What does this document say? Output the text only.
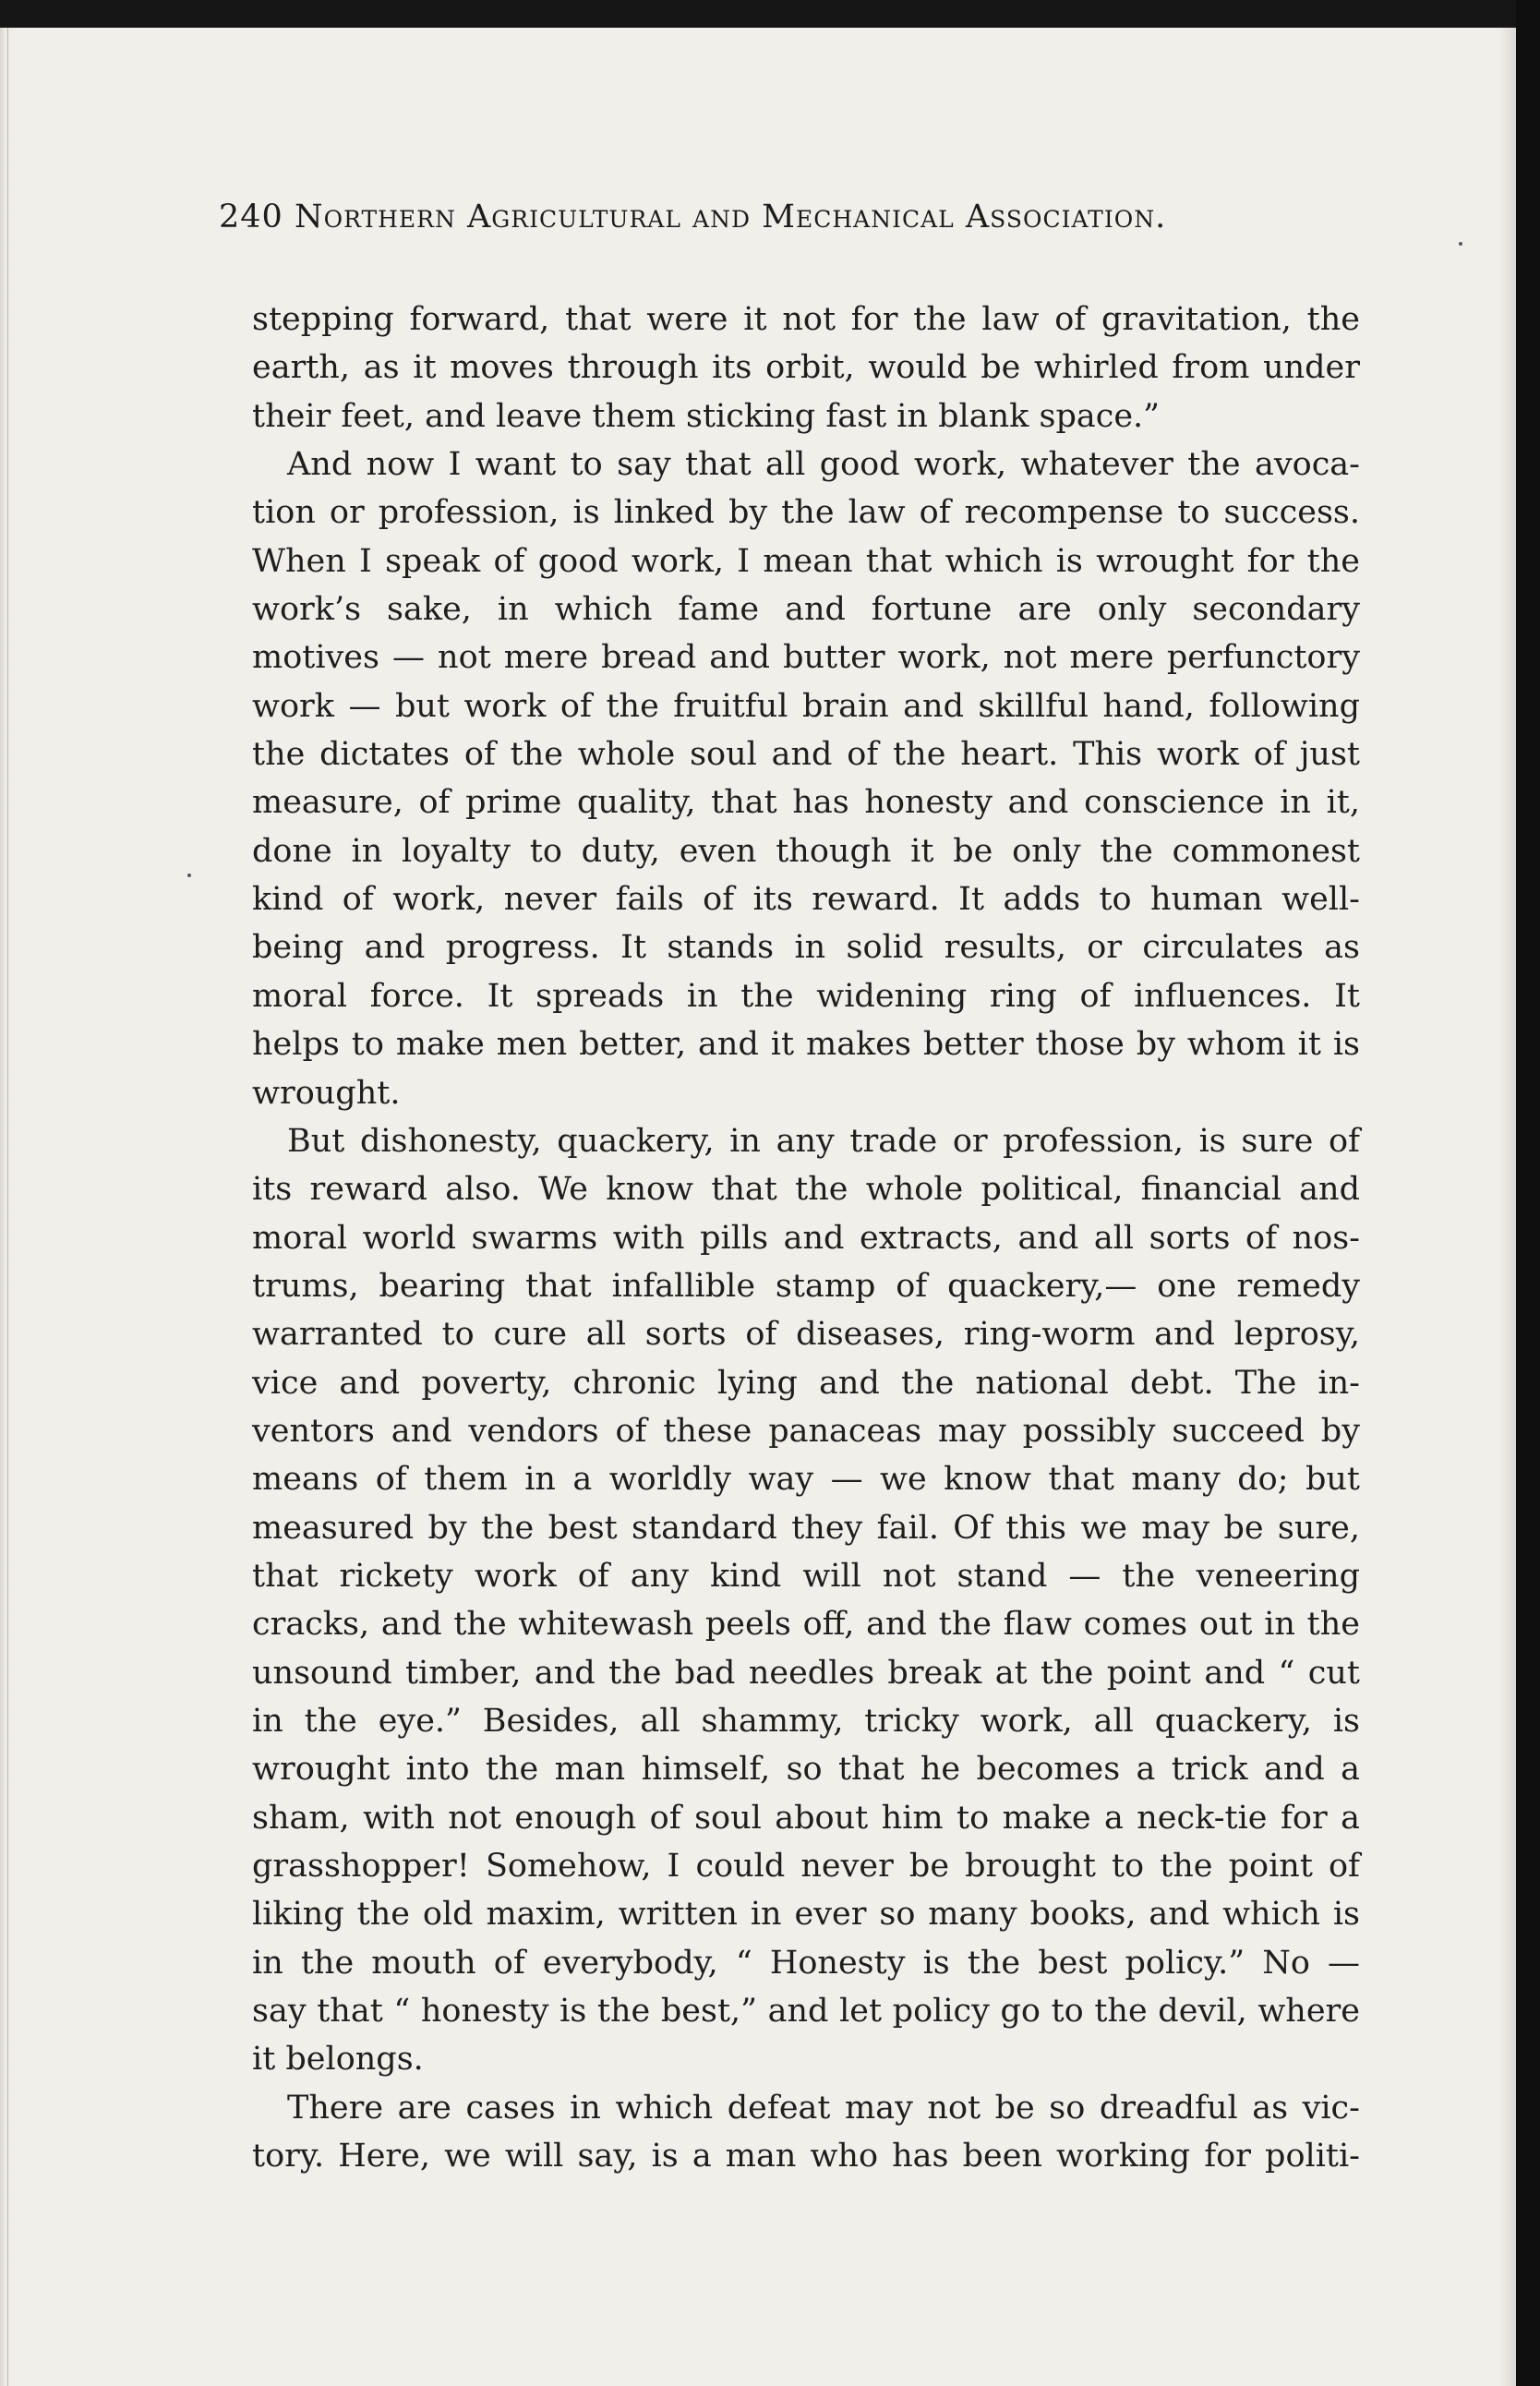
240 Northern Agricultural and Mechanical Association.
stepping forward, that were it not for the law of gravitation, the
earth, as it moves through its orbit, would be whirled from under
their feet, and leave them sticking fast in blank space.”
And now I want to say that all good work, whatever the avoca-
tion or profession, is linked by the law of recompense to success.
When I speak of good work, I mean that which is wrought for the
work’s sake, in which fame and fortune are only secondary
motives — not mere bread and butter work, not mere perfunctory
work — but work of the fruitful brain and skillful hand, following
the dictates of the whole soul and of the heart. This work of just
measure, of prime quality, that has honesty and conscience in it,
done in loyalty to duty, even though it be only the commonest
kind of work, never fails of its reward. It adds to human well-
being and progress. It stands in solid results, or circulates as
moral force. It spreads in the widening ring of influences. It
helps to make men better, and it makes better those by whom it is
wrought.
But dishonesty, quackery, in any trade or profession, is sure of
its reward also. We know that the whole political, financial and
moral world swarms with pills and extracts, and all sorts of nos-
trums, bearing that infallible stamp of quackery,— one remedy
warranted to cure all sorts of diseases, ring-worm and leprosy,
vice and poverty, chronic lying and the national debt. The in-
ventors and vendors of these panaceas may possibly succeed by
means of them in a worldly way — we know that many do; but
measured by the best standard they fail. Of this we may be sure,
that rickety work of any kind will not stand — the veneering
cracks, and the whitewash peels off, and the flaw comes out in the
unsound timber, and the bad needles break at the point and “ cut
in the eye.” Besides, all shammy, tricky work, all quackery, is
wrought into the man himself, so that he becomes a trick and a
sham, with not enough of soul about him to make a neck-tie for a
grasshopper! Somehow, I could never be brought to the point of
liking the old maxim, written in ever so many books, and which is
in the mouth of everybody, “ Honesty is the best policy.” No —
say that “ honesty is the best,” and let policy go to the devil, where
it belongs.
There are cases in which defeat may not be so dreadful as vic-
tory. Here, we will say, is a man who has been working for politi-
